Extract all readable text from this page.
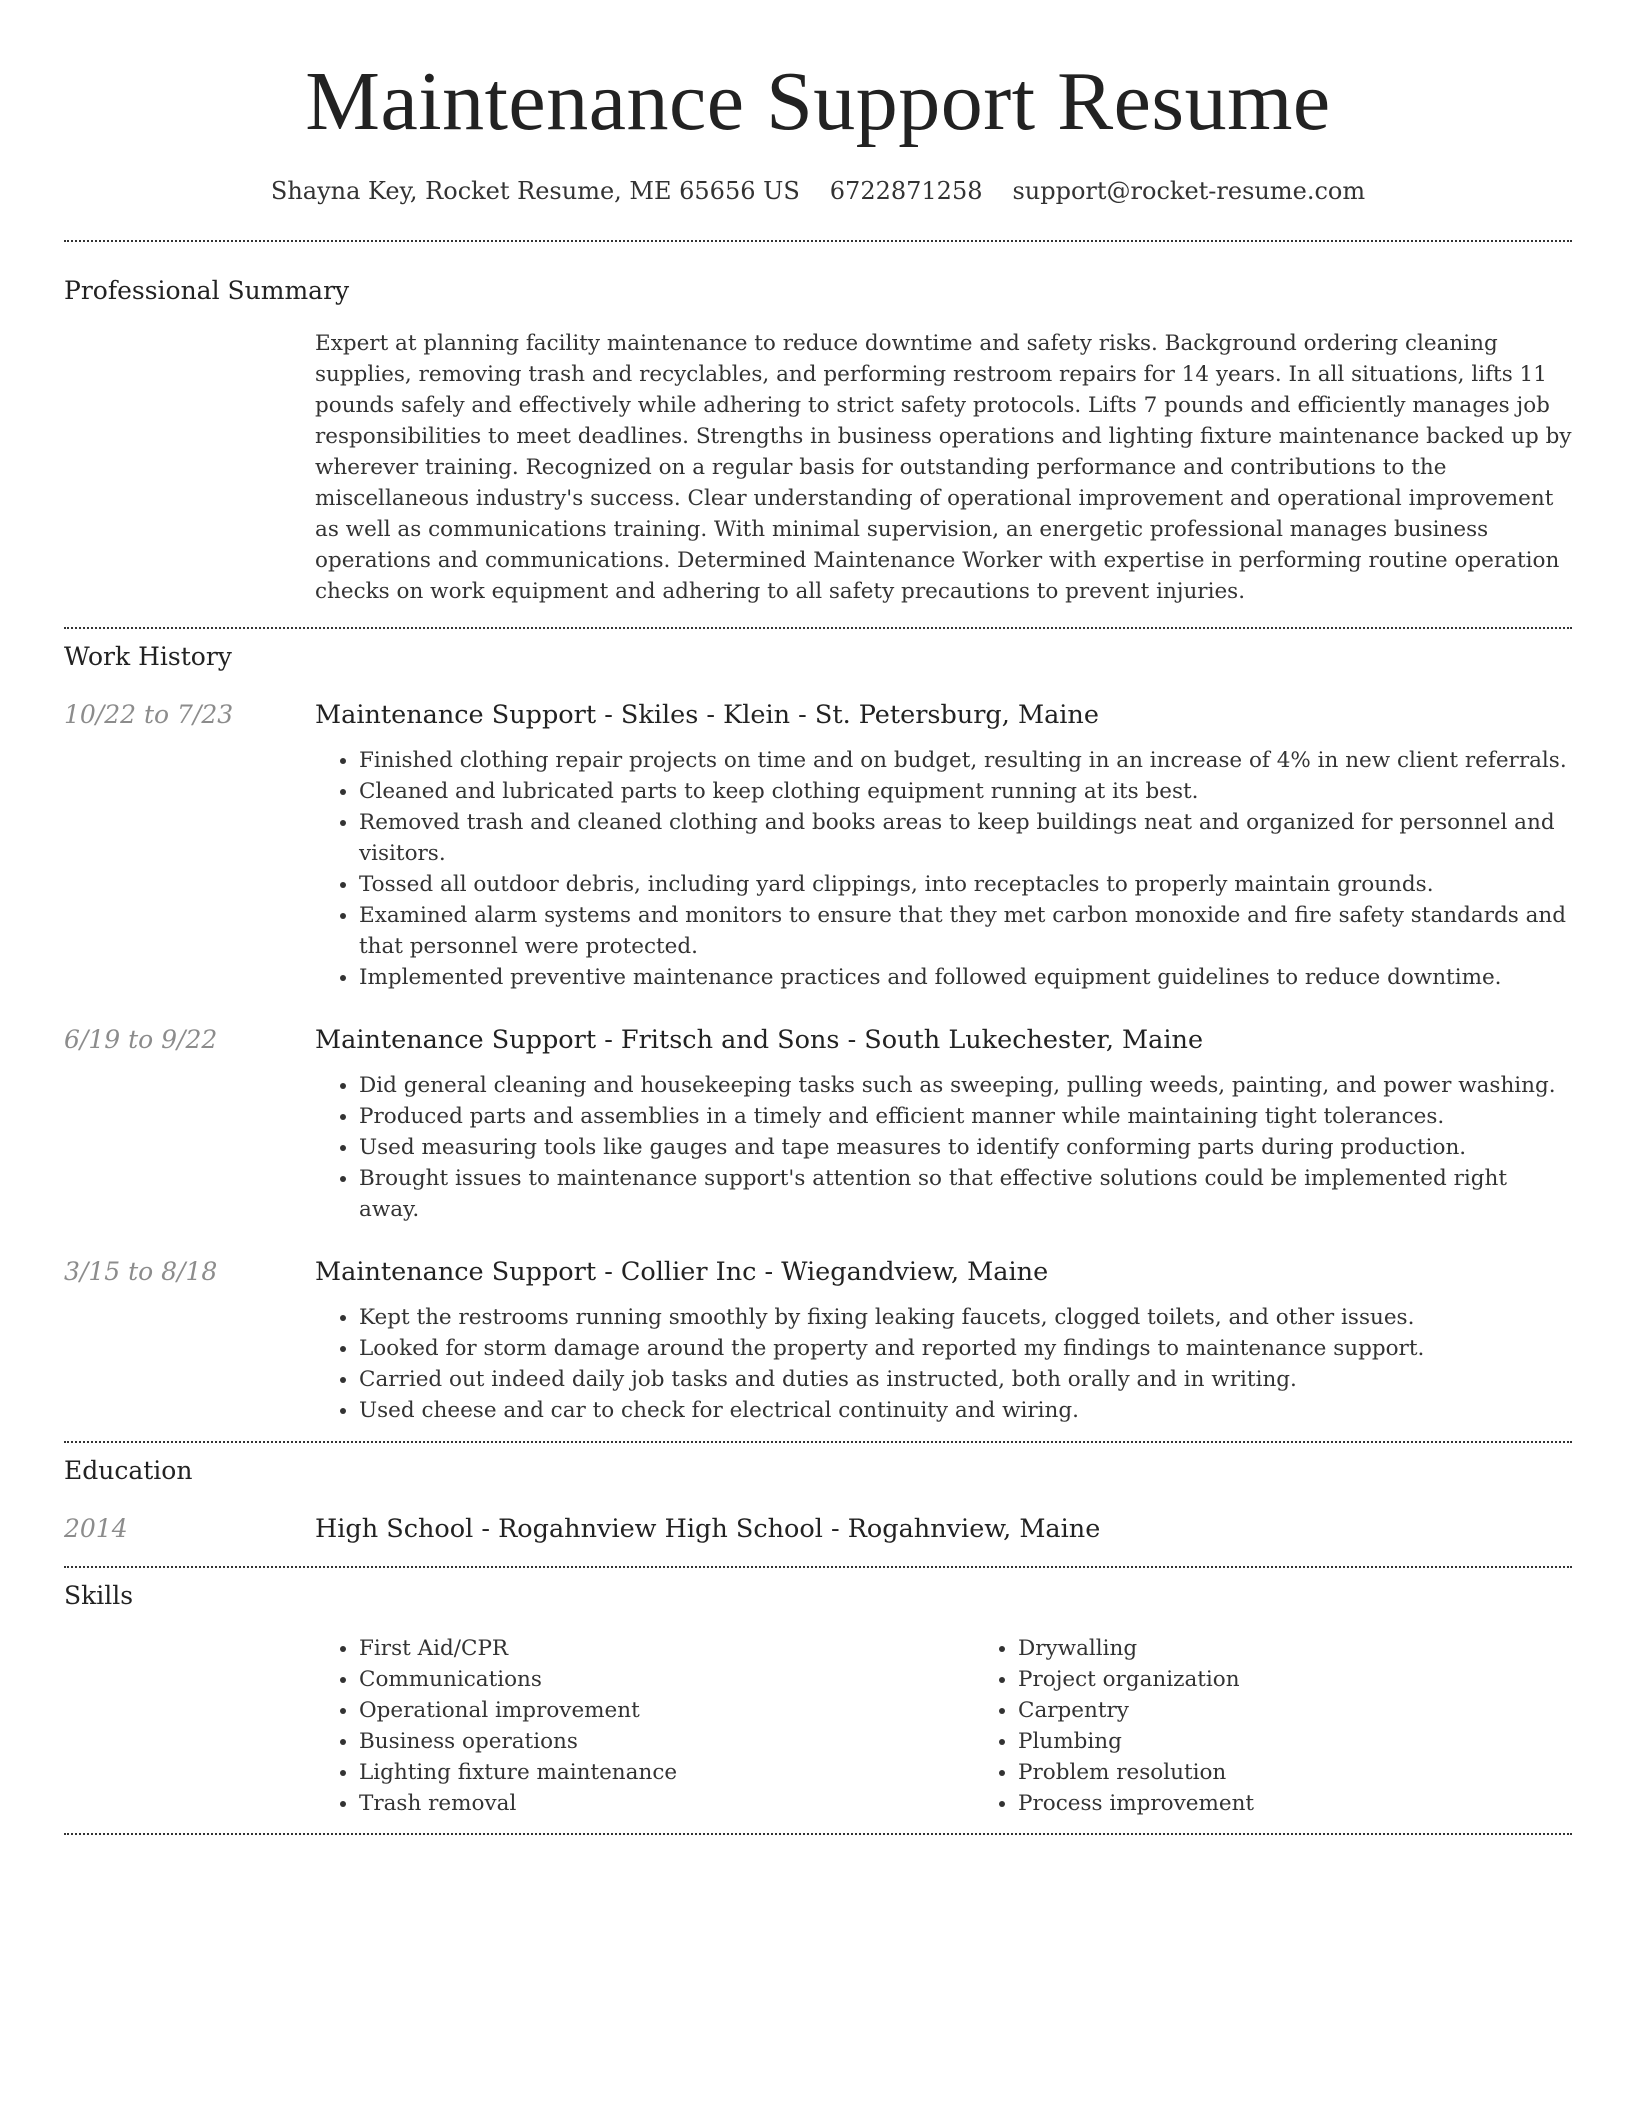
Maintenance Support Resume
Shayna Key, Rocket Resume, ME 65656 US 6722871258 support@rocket-resume.com
Professional Summary

Expert at planning facility maintenance to reduce downtime and safety risks. Background ordering cleaning supplies, removing trash and recyclables, and performing restroom repairs for 14 years. In all situations, lifts 11 pounds safely and effectively while adhering to strict safety protocols. Lifts 7 pounds and efficiently manages job responsibilities to meet deadlines. Strengths in business operations and lighting fixture maintenance backed up by wherever training. Recognized on a regular basis for outstanding performance and contributions to the miscellaneous industry's success. Clear understanding of operational improvement and operational improvement as well as communications training. With minimal supervision, an energetic professional manages business operations and communications. Determined Maintenance Worker with expertise in performing routine operation checks on work equipment and adhering to all safety precautions to prevent injuries.

Work History
10/22 to 7/23	Maintenance Support - Skiles - Klein - St. Petersburg, Maine
• Finished clothing repair projects on time and on budget, resulting in an increase of 4% in new client referrals.
• Cleaned and lubricated parts to keep clothing equipment running at its best.
• Removed trash and cleaned clothing and books areas to keep buildings neat and organized for personnel and visitors.
• Tossed all outdoor debris, including yard clippings, into receptacles to properly maintain grounds.
• Examined alarm systems and monitors to ensure that they met carbon monoxide and fire safety standards and that personnel were protected.
• Implemented preventive maintenance practices and followed equipment guidelines to reduce downtime.
6/19 to 9/22	Maintenance Support - Fritsch and Sons - South Lukechester, Maine
• Did general cleaning and housekeeping tasks such as sweeping, pulling weeds, painting, and power washing.
• Produced parts and assemblies in a timely and efficient manner while maintaining tight tolerances.
• Used measuring tools like gauges and tape measures to identify conforming parts during production.
• Brought issues to maintenance support's attention so that effective solutions could be implemented right away.
3/15 to 8/18	Maintenance Support - Collier Inc - Wiegandview, Maine
• Kept the restrooms running smoothly by fixing leaking faucets, clogged toilets, and other issues.
• Looked for storm damage around the property and reported my findings to maintenance support.
• Carried out indeed daily job tasks and duties as instructed, both orally and in writing.
• Used cheese and car to check for electrical continuity and wiring.
Education
2014	High School - Rogahnview High School - Rogahnview, Maine
Skills
• First Aid/CPR
• Communications
• Operational improvement
• Business operations
• Lighting fixture maintenance
• Trash removal
• Drywalling
• Project organization
• Carpentry
• Plumbing
• Problem resolution
• Process improvement
